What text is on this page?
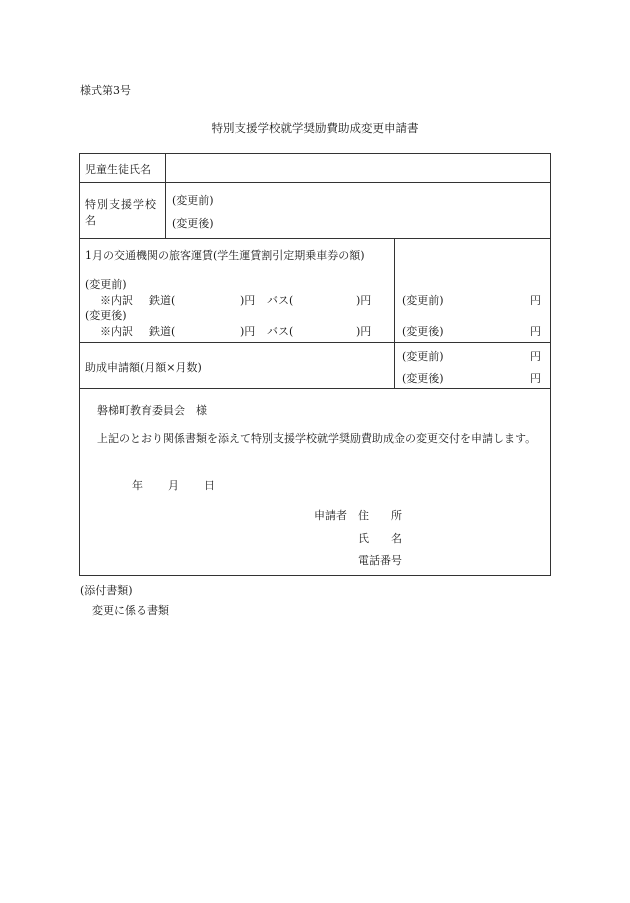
様式第3号
特別支援学校就学奨励費助成変更申請書
児童生徒氏名
特別支援学校
名
(変更前)
(変更後)
1月の交通機関の旅客運賃(学生運賃割引定期乗車券の額)
(変更前)
※内訳 鉄道(	)円 バス(	)円
(変更後)
※内訳 鉄道(	)円 バス(	)円
(変更前)	円
(変更後)	円
助成申請額(月額×月数)
(変更前)	円
(変更後)	円
磐梯町教育委員会　様
上記のとおり関係書類を添えて特別支援学校就学奨励費助成金の変更交付を申請します。
年 月 日
申請者 住　　所
氏　　名
電話番号
(添付書類)
変更に係る書類
